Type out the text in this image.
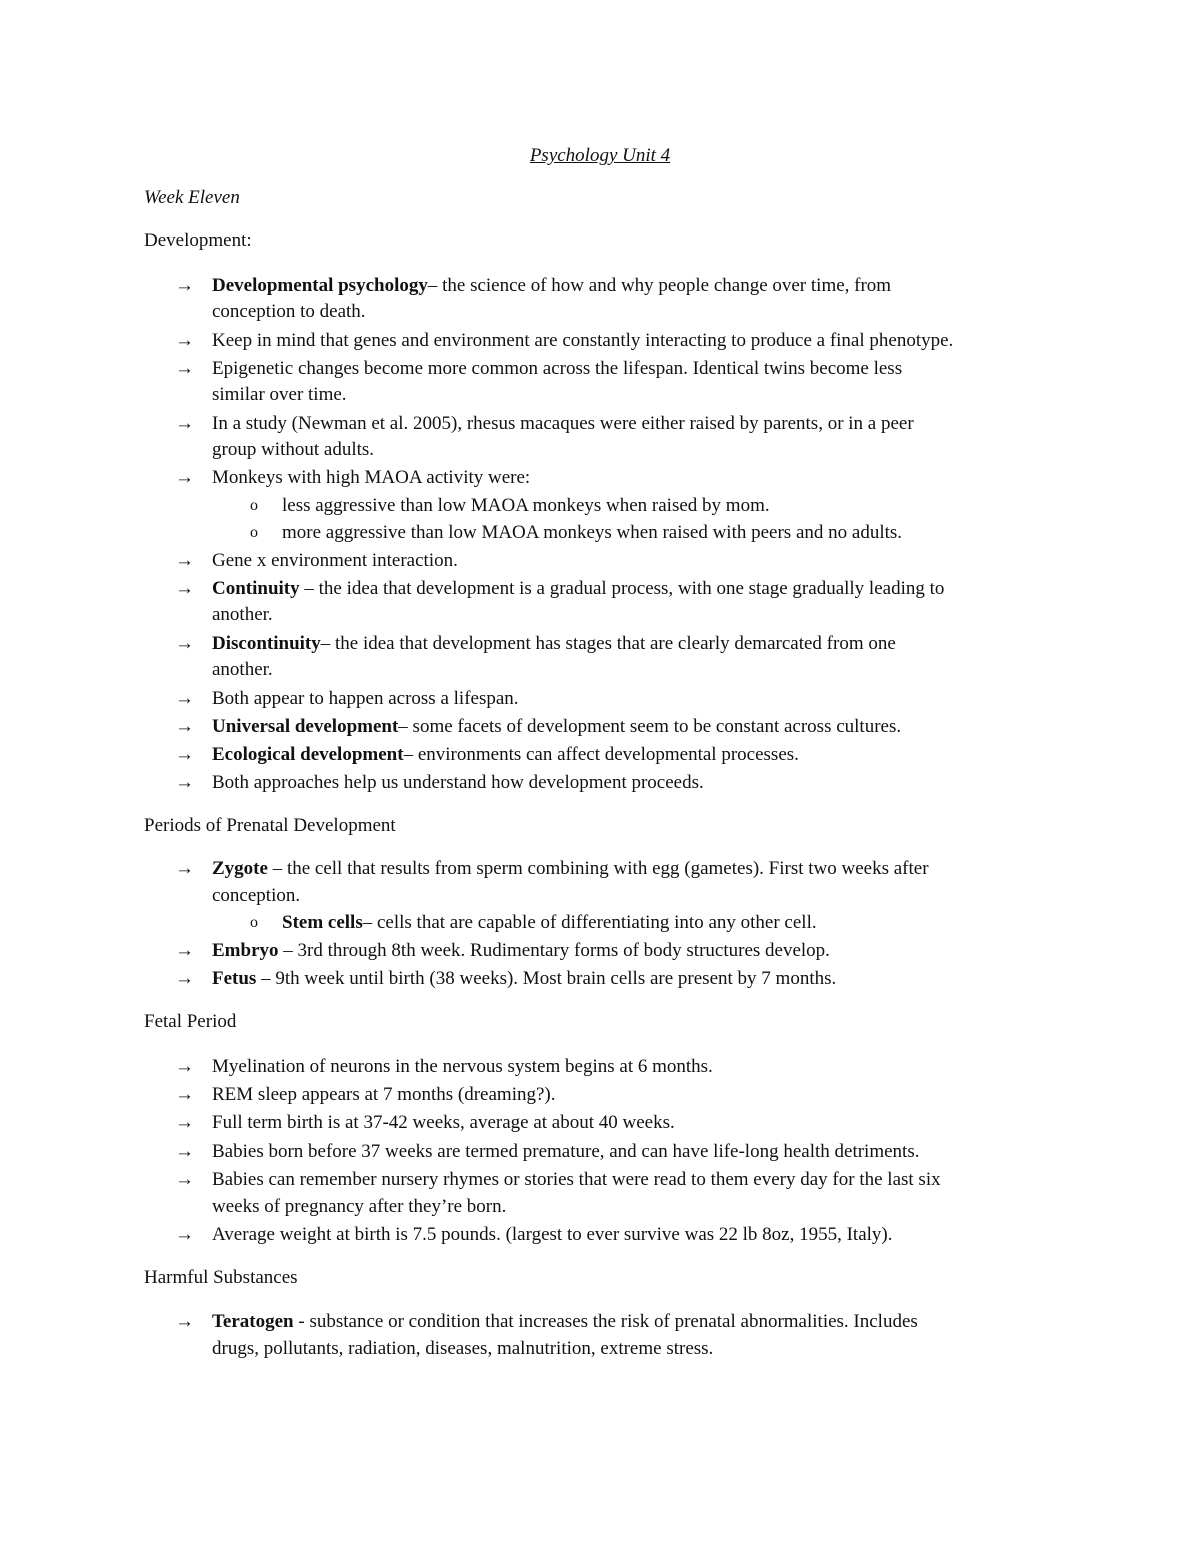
Psychology Unit 4
Week Eleven
Development:
→ Developmental psychology– the science of how and why people change over time, from
conception to death.
→ Keep in mind that genes and environment are constantly interacting to produce a final phenotype.
→ Epigenetic changes become more common across the lifespan. Identical twins become less
similar over time.
→ In a study (Newman et al. 2005), rhesus macaques were either raised by parents, or in a peer
group without adults.
→ Monkeys with high MAOA activity were:
o less aggressive than low MAOA monkeys when raised by mom.
o more aggressive than low MAOA monkeys when raised with peers and no adults.
→ Gene x environment interaction.
→ Continuity – the idea that development is a gradual process, with one stage gradually leading to
another.
→ Discontinuity– the idea that development has stages that are clearly demarcated from one
another.
→ Both appear to happen across a lifespan.
→ Universal development– some facets of development seem to be constant across cultures.
→ Ecological development– environments can affect developmental processes.
→ Both approaches help us understand how development proceeds.
Periods of Prenatal Development
→ Zygote – the cell that results from sperm combining with egg (gametes). First two weeks after
conception.
o Stem cells– cells that are capable of differentiating into any other cell.
→ Embryo – 3rd through 8th week. Rudimentary forms of body structures develop.
→ Fetus – 9th week until birth (38 weeks). Most brain cells are present by 7 months.
Fetal Period
→ Myelination of neurons in the nervous system begins at 6 months.
→ REM sleep appears at 7 months (dreaming?).
→ Full term birth is at 37-42 weeks, average at about 40 weeks.
→ Babies born before 37 weeks are termed premature, and can have life-long health detriments.
→ Babies can remember nursery rhymes or stories that were read to them every day for the last six
weeks of pregnancy after they’re born.
→ Average weight at birth is 7.5 pounds. (largest to ever survive was 22 lb 8oz, 1955, Italy).
Harmful Substances
→ Teratogen - substance or condition that increases the risk of prenatal abnormalities. Includes
drugs, pollutants, radiation, diseases, malnutrition, extreme stress.
